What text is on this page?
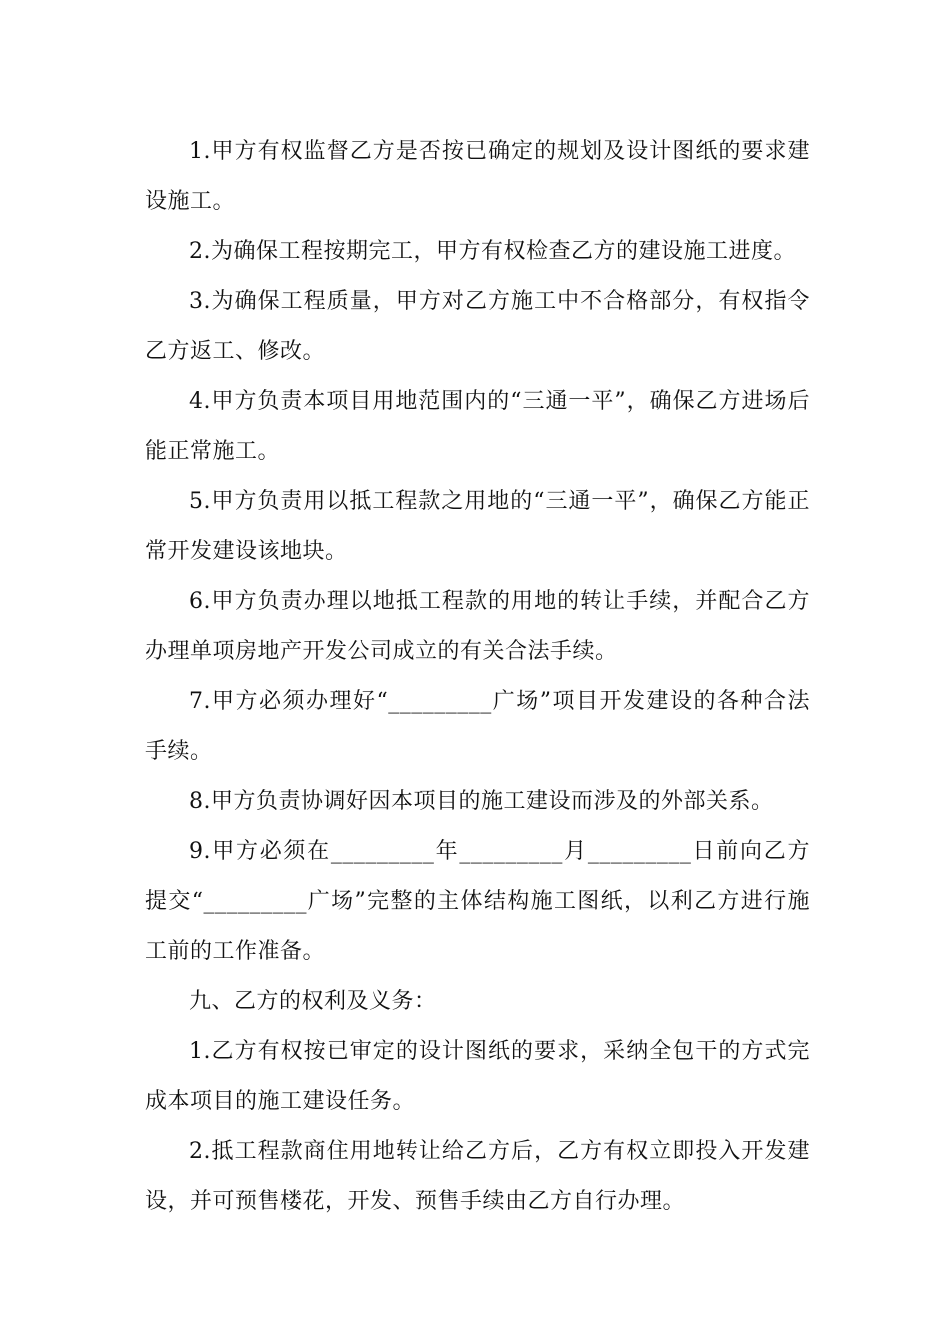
1.甲方有权监督乙方是否按已确定的规划及设计图纸的要求建设施工。

2.为确保工程按期完工，甲方有权检查乙方的建设施工进度。

3.为确保工程质量，甲方对乙方施工中不合格部分，有权指令乙方返工、修改。

4.甲方负责本项目用地范围内的“三通一平”，确保乙方进场后能正常施工。

5.甲方负责用以抵工程款之用地的“三通一平”，确保乙方能正常开发建设该地块。

6.甲方负责办理以地抵工程款的用地的转让手续，并配合乙方办理单项房地产开发公司成立的有关合法手续。

7.甲方必须办理好“_________广场”项目开发建设的各种合法手续。

8.甲方负责协调好因本项目的施工建设而涉及的外部关系。

9.甲方必须在_________年_________月_________日前向乙方提交“_________广场”完整的主体结构施工图纸，以利乙方进行施工前的工作准备。

九、乙方的权利及义务：

1.乙方有权按已审定的设计图纸的要求，采纳全包干的方式完成本项目的施工建设任务。

2.抵工程款商住用地转让给乙方后，乙方有权立即投入开发建设，并可预售楼花，开发、预售手续由乙方自行办理。
